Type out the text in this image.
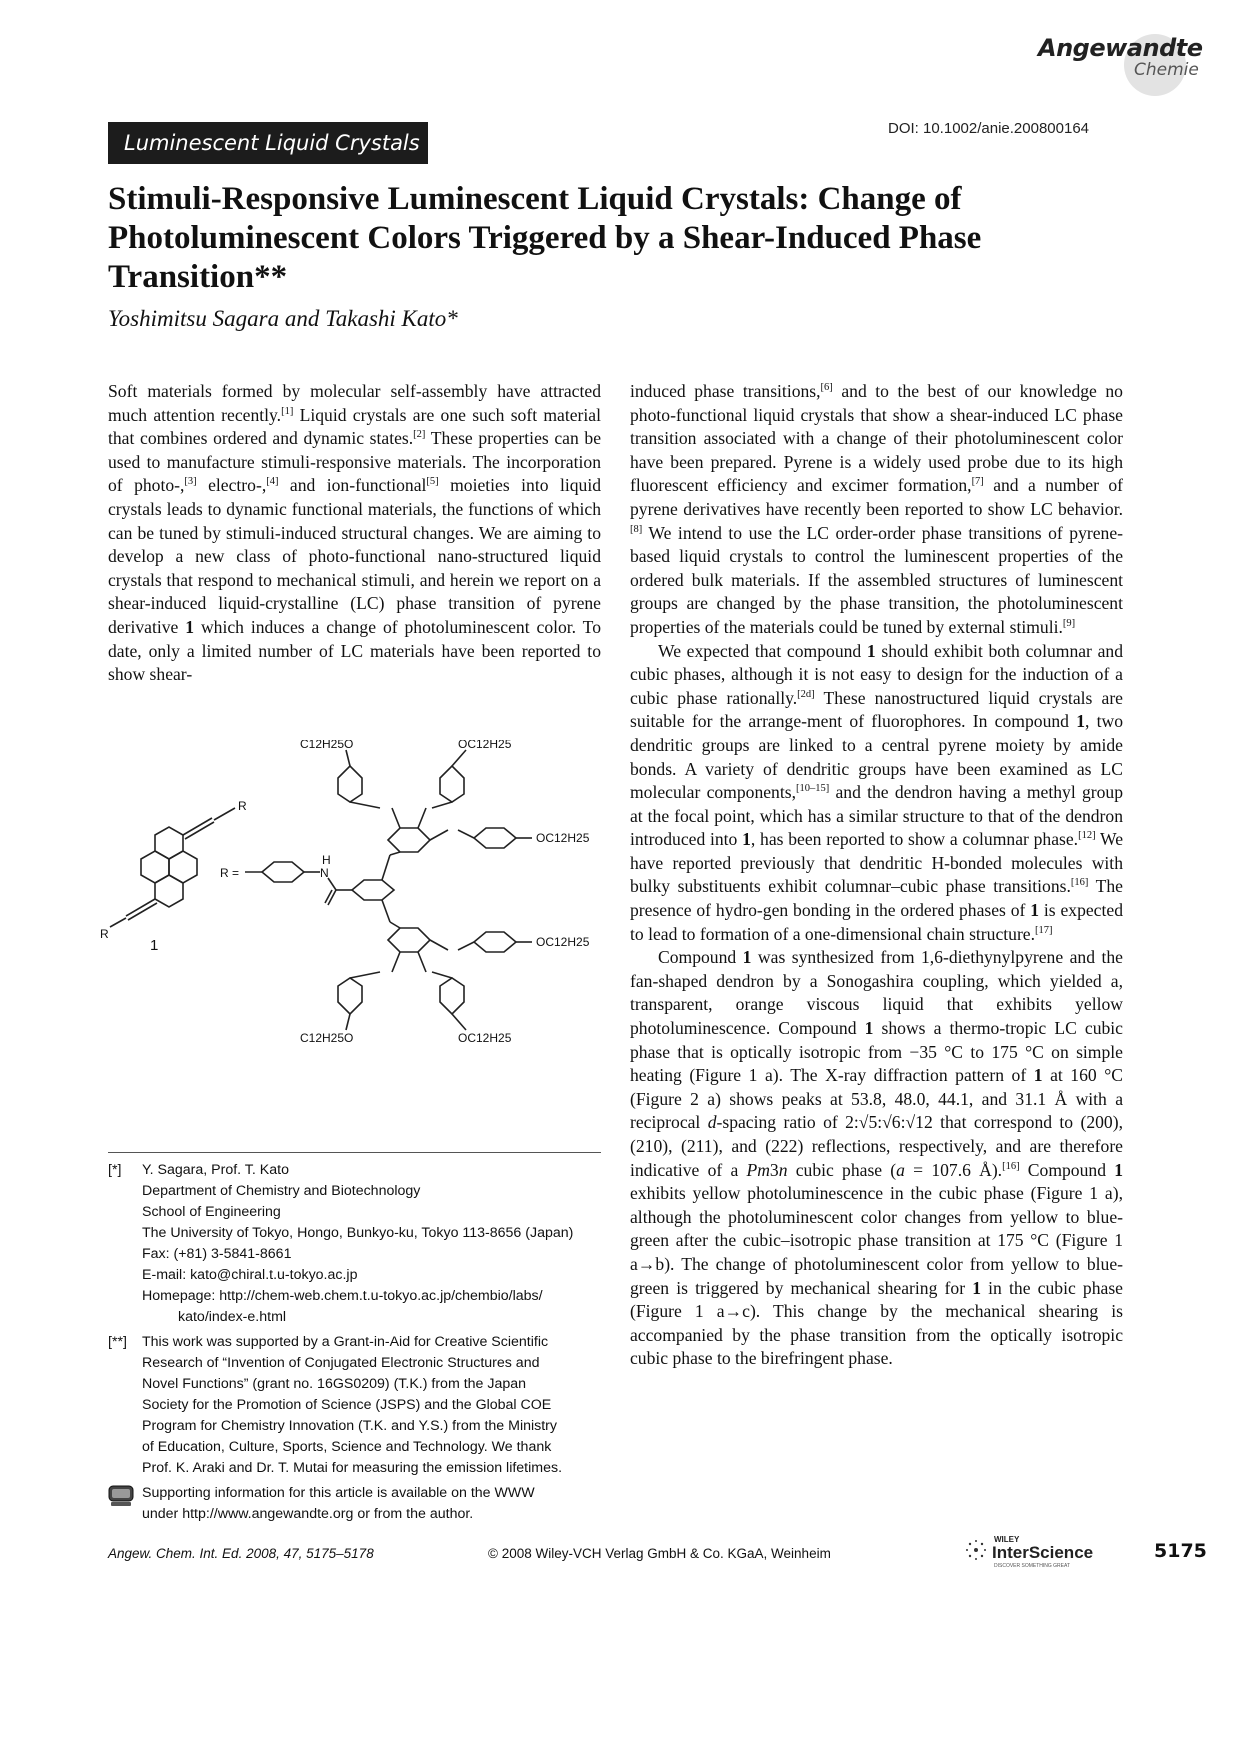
Angewandte
Chemie
DOI: 10.1002/anie.200800164
Luminescent Liquid Crystals
Stimuli-Responsive Luminescent Liquid Crystals: Change of Photoluminescent Colors Triggered by a Shear-Induced Phase Transition**
Yoshimitsu Sagara and Takashi Kato*

Soft materials formed by molecular self-assembly have attracted much attention recently.[1] Liquid crystals are one such soft material that combines ordered and dynamic states.[2] These properties can be used to manufacture stimuli-responsive materials. The incorporation of photo-,[3] electro-,[4] and ion-functional[5] moieties into liquid crystals leads to dynamic functional materials, the functions of which can be tuned by stimuli-induced structural changes. We are aiming to develop a new class of photo-functional nano-structured liquid crystals that respond to mechanical stimuli, and herein we report on a shear-induced liquid-crystalline (LC) phase transition of pyrene derivative 1 which induces a change of photoluminescent color. To date, only a limited number of LC materials have been reported to show shear-

induced phase transitions,[6] and to the best of our knowledge no photo-functional liquid crystals that show a shear-induced LC phase transition associated with a change of their photoluminescent color have been prepared. Pyrene is a widely used probe due to its high fluorescent efficiency and excimer formation,[7] and a number of pyrene derivatives have recently been reported to show LC behavior.[8] We intend to use the LC order-order phase transitions of pyrene-based liquid crystals to control the luminescent properties of the ordered bulk materials. If the assembled structures of luminescent groups are changed by the phase transition, the photoluminescent properties of the materials could be tuned by external stimuli.[9]

We expected that compound 1 should exhibit both columnar and cubic phases, although it is not easy to design for the induction of a cubic phase rationally.[2d] These nanostructured liquid crystals are suitable for the arrange-ment of fluorophores. In compound 1, two dendritic groups are linked to a central pyrene moiety by amide bonds. A variety of dendritic groups have been examined as LC molecular components,[10–15] and the dendron having a methyl group at the focal point, which has a similar structure to that of the dendron introduced into 1, has been reported to show a columnar phase.[12] We have reported previously that dendritic H-bonded molecules with bulky substituents exhibit columnar–cubic phase transitions.[16] The presence of hydro-gen bonding in the ordered phases of 1 is expected to lead to formation of a one-dimensional chain structure.[17]

Compound 1 was synthesized from 1,6-diethynylpyrene and the fan-shaped dendron by a Sonogashira coupling, which yielded a, transparent, orange viscous liquid that exhibits yellow photoluminescence. Compound 1 shows a thermo-tropic LC cubic phase that is optically isotropic from −35 °C to 175 °C on simple heating (Figure 1 a). The X-ray diffraction pattern of 1 at 160 °C (Figure 2 a) shows peaks at 53.8, 48.0, 44.1, and 31.1 Å with a reciprocal d-spacing ratio of 2:√5:√6:√12 that correspond to (200), (210), (211), and (222) reflections, respectively, and are therefore indicative of a Pm3n cubic phase (a = 107.6 Å).[16] Compound 1 exhibits yellow photoluminescence in the cubic phase (Figure 1 a), although the photoluminescent color changes from yellow to blue-green after the cubic–isotropic phase transition at 175 °C (Figure 1 a→b). The change of photoluminescent color from yellow to blue-green is triggered by mechanical shearing for 1 in the cubic phase (Figure 1 a→c). This change by the mechanical shearing is accompanied by the phase transition from the optically isotropic cubic phase to the birefringent phase.

R
R
R =	N
H
C12H25O	OC12H25
OC12H25
OC12H25
C12H25O	OC12H25
1
[*] Y. Sagara, Prof. T. Kato
Department of Chemistry and Biotechnology
School of Engineering
The University of Tokyo, Hongo, Bunkyo-ku, Tokyo 113-8656 (Japan)
Fax: (+81) 3-5841-8661
E-mail: kato@chiral.t.u-tokyo.ac.jp
Homepage: http://chem-web.chem.t.u-tokyo.ac.jp/chembio/labs/
kato/index-e.html
[**] This work was supported by a Grant-in-Aid for Creative Scientific
Research of “Invention of Conjugated Electronic Structures and
Novel Functions” (grant no. 16GS0209) (T.K.) from the Japan
Society for the Promotion of Science (JSPS) and the Global COE
Program for Chemistry Innovation (T.K. and Y.S.) from the Ministry
of Education, Culture, Sports, Science and Technology. We thank
Prof. K. Araki and Dr. T. Mutai for measuring the emission lifetimes.
Supporting information for this article is available on the WWW
under http://www.angewandte.org or from the author.
Angew. Chem. Int. Ed. 2008, 47, 5175–5178	© 2008 Wiley-VCH Verlag GmbH & Co. KGaA, Weinheim
WILEY
InterScience
DISCOVER SOMETHING GREAT
5175
